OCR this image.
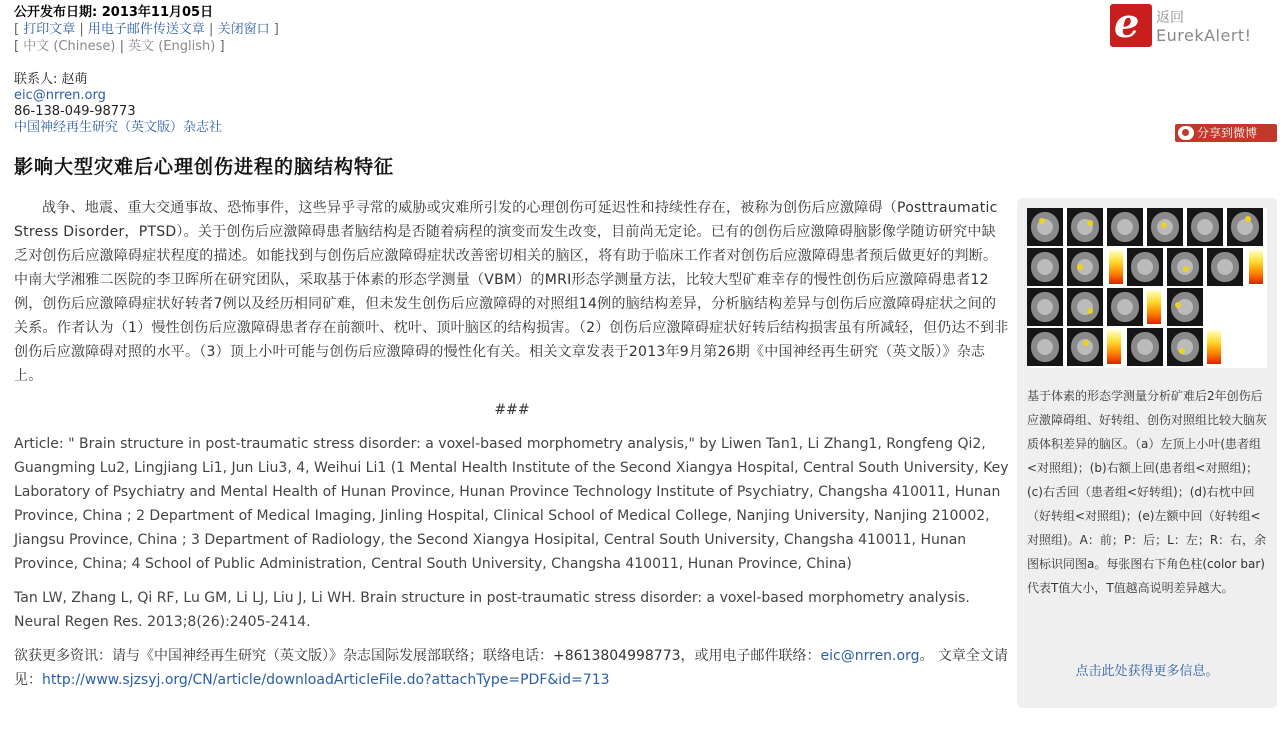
公开发布日期: 2013年11月05日
[ 打印文章 | 用电子邮件传送文章 | 关闭窗口 ]
[ 中文 (Chinese) | 英文 (English) ]
联系人: 赵萌
eic@nrren.org
86-138-049-98773
中国神经再生研究（英文版）杂志社
e 返回
EurekAlert!
分享到微博
影响大型灾难后心理创伤进程的脑结构特征

战争、地震、重大交通事故、恐怖事件，这些异乎寻常的威胁或灾难所引发的心理创伤可延迟性和持续性存在，被称为创伤后应激障碍（Posttraumatic Stress Disorder，PTSD）。关于创伤后应激障碍患者脑结构是否随着病程的演变而发生改变，目前尚无定论。已有的创伤后应激障碍脑影像学随访研究中缺乏对创伤后应激障碍症状程度的描述。如能找到与创伤后应激障碍症状改善密切相关的脑区，将有助于临床工作者对创伤后应激障碍患者预后做更好的判断。中南大学湘雅二医院的李卫晖所在研究团队，采取基于体素的形态学测量（VBM）的MRI形态学测量方法，比较大型矿难幸存的慢性创伤后应激障碍患者12例，创伤后应激障碍症状好转者7例以及经历相同矿难，但未发生创伤后应激障碍的对照组14例的脑结构差异，分析脑结构差异与创伤后应激障碍症状之间的关系。作者认为（1）慢性创伤后应激障碍患者存在前额叶、枕叶、顶叶脑区的结构损害。（2）创伤后应激障碍症状好转后结构损害虽有所减轻，但仍达不到非创伤后应激障碍对照的水平。（3）顶上小叶可能与创伤后应激障碍的慢性化有关。相关文章发表于2013年9月第26期《中国神经再生研究（英文版）》杂志上。

###

Article: " Brain structure in post-traumatic stress disorder: a voxel-based morphometry analysis," by Liwen Tan1, Li Zhang1, Rongfeng Qi2, Guangming Lu2, Lingjiang Li1, Jun Liu3, 4, Weihui Li1 (1 Mental Health Institute of the Second Xiangya Hospital, Central South University, Key Laboratory of Psychiatry and Mental Health of Hunan Province, Hunan Province Technology Institute of Psychiatry, Changsha 410011, Hunan Province, China ; 2 Department of Medical Imaging, Jinling Hospital, Clinical School of Medical College, Nanjing University, Nanjing 210002, Jiangsu Province, China ; 3 Department of Radiology, the Second Xiangya Hosipital, Central South University, Changsha 410011, Hunan Province, China; 4 School of Public Administration, Central South University, Changsha 410011, Hunan Province, China)

Tan LW, Zhang L, Qi RF, Lu GM, Li LJ, Liu J, Li WH. Brain structure in post-traumatic stress disorder: a voxel-based morphometry analysis. Neural Regen Res. 2013;8(26):2405-2414.

欲获更多资讯：请与《中国神经再生研究（英文版）》杂志国际发展部联络；联络电话：+8613804998773，或用电子邮件联络：eic@nrren.org。 文章全文请见：http://www.sjzsyj.org/CN/article/downloadArticleFile.do?attachType=PDF&id=713

基于体素的形态学测量分析矿难后2年创伤后应激障碍组、好转组、创伤对照组比较大脑灰质体积差异的脑区。（a）左顶上小叶(患者组<对照组)；(b)右额上回(患者组<对照组)；(c)右舌回（患者组<好转组)；(d)右枕中回（好转组<对照组)；(e)左额中回（好转组<对照组)。A：前；P：后；L：左；R：右，余图标识同图a。每张图右下角色柱(color bar)代表T值大小，T值越高说明差异越大。
点击此处获得更多信息。
